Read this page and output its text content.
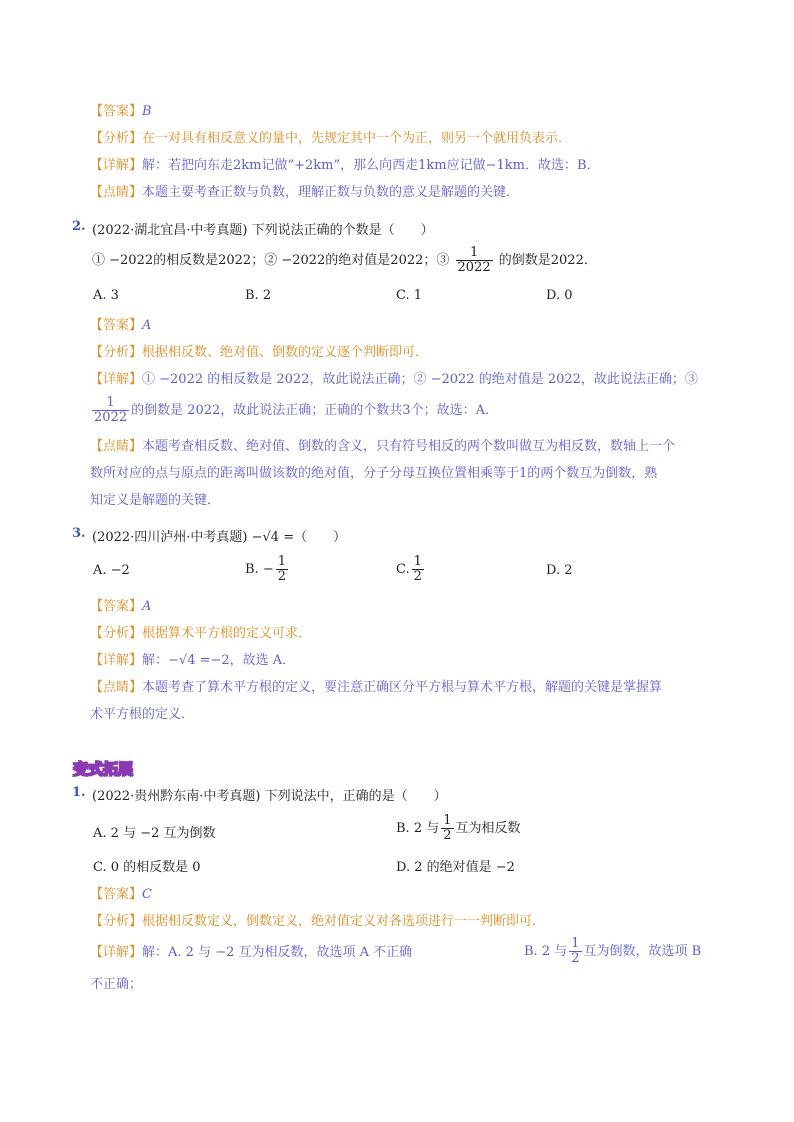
【答案】B
【分析】在一对具有相反意义的量中，先规定其中一个为正，则另一个就用负表示．
【详解】解：若把向东走2km记做“+2km”，那么向西走1km应记做−1km．故选：B．
【点睛】本题主要考查正数与负数，理解正数与负数的意义是解题的关键．
2. (2022·湖北宜昌·中考真题) 下列说法正确的个数是（　　）
① −2022的相反数是2022；② −2022的绝对值是2022；③ $\frac{1}{2022}$ 的倒数是2022．
A. 3	B. 2	C. 1	D. 0
【答案】A
【分析】根据相反数、绝对值、倒数的定义逐个判断即可．
【详解】① −2022 的相反数是 2022，故此说法正确；② −2022 的绝对值是 2022，故此说法正确；③
$\frac{1}{2022}$ 的倒数是 2022，故此说法正确；正确的个数共3个；故选：A．
【点睛】本题考查相反数、绝对值、倒数的含义，只有符号相反的两个数叫做互为相反数，数轴上一个
数所对应的点与原点的距离叫做该数的绝对值，分子分母互换位置相乘等于1的两个数互为倒数，熟
知定义是解题的关键．
3. (2022·四川泸州·中考真题) −√4 =（　　）
A. −2	B. − $\frac{1}{2}$	C. $\frac{1}{2}$	D. 2
【答案】A
【分析】根据算术平方根的定义可求．
【详解】解：−√4 =−2，故选 A．
【点睛】本题考查了算术平方根的定义，要注意正确区分平方根与算术平方根，解题的关键是掌握算
术平方根的定义．
变式拓展
1. (2022·贵州黔东南·中考真题) 下列说法中，正确的是（　　）
A. 2 与 −2 互为倒数	B. 2 与 $\frac{1}{2}$ 互为相反数
C. 0 的相反数是 0	D. 2 的绝对值是 −2
【答案】C
【分析】根据相反数定义，倒数定义，绝对值定义对各选项进行一一判断即可．
【详解】解：A. 2 与 −2 互为相反数，故选项 A 不正确	B. 2 与 $\frac{1}{2}$ 互为倒数，故选项 B
不正确；
